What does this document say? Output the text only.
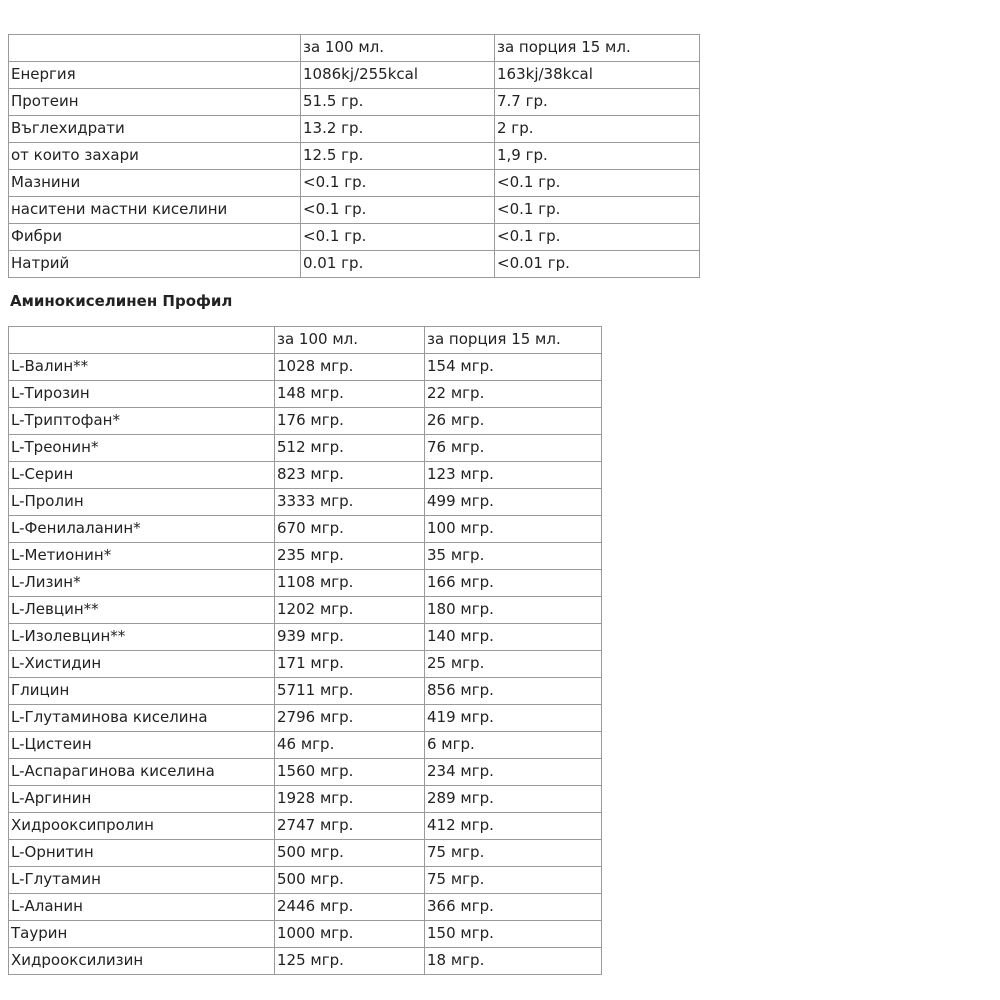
	за 100 мл.	за порция 15 мл.
Енергия	1086kj/255kcal	163kj/38kcal
Протеин	51.5 гр.	7.7 гр.
Въглехидрати	13.2 гр.	2 гр.
от които захари	12.5 гр.	1,9 гр.
Мазнини	<0.1 гр.	<0.1 гр.
наситени мастни киселини	<0.1 гр.	<0.1 гр.
Фибри	<0.1 гр.	<0.1 гр.
Натрий	0.01 гр.	<0.01 гр.
Аминокиселинен Профил
	за 100 мл.	за порция 15 мл.
L-Валин**	1028 мгр.	154 мгр.
L-Тирозин	148 мгр.	22 мгр.
L-Триптофан*	176 мгр.	26 мгр.
L-Треонин*	512 мгр.	76 мгр.
L-Серин	823 мгр.	123 мгр.
L-Пролин	3333 мгр.	499 мгр.
L-Фенилаланин*	670 мгр.	100 мгр.
L-Метионин*	235 мгр.	35 мгр.
L-Лизин*	1108 мгр.	166 мгр.
L-Левцин**	1202 мгр.	180 мгр.
L-Изолевцин**	939 мгр.	140 мгр.
L-Хистидин	171 мгр.	25 мгр.
Глицин	5711 мгр.	856 мгр.
L-Глутаминова киселина	2796 мгр.	419 мгр.
L-Цистеин	46 мгр.	6 мгр.
L-Аспарагинова киселина	1560 мгр.	234 мгр.
L-Аргинин	1928 мгр.	289 мгр.
Хидрооксипролин	2747 мгр.	412 мгр.
L-Орнитин	500 мгр.	75 мгр.
L-Глутамин	500 мгр.	75 мгр.
L-Аланин	2446 мгр.	366 мгр.
Таурин	1000 мгр.	150 мгр.
Хидрооксилизин	125 мгр.	18 мгр.
